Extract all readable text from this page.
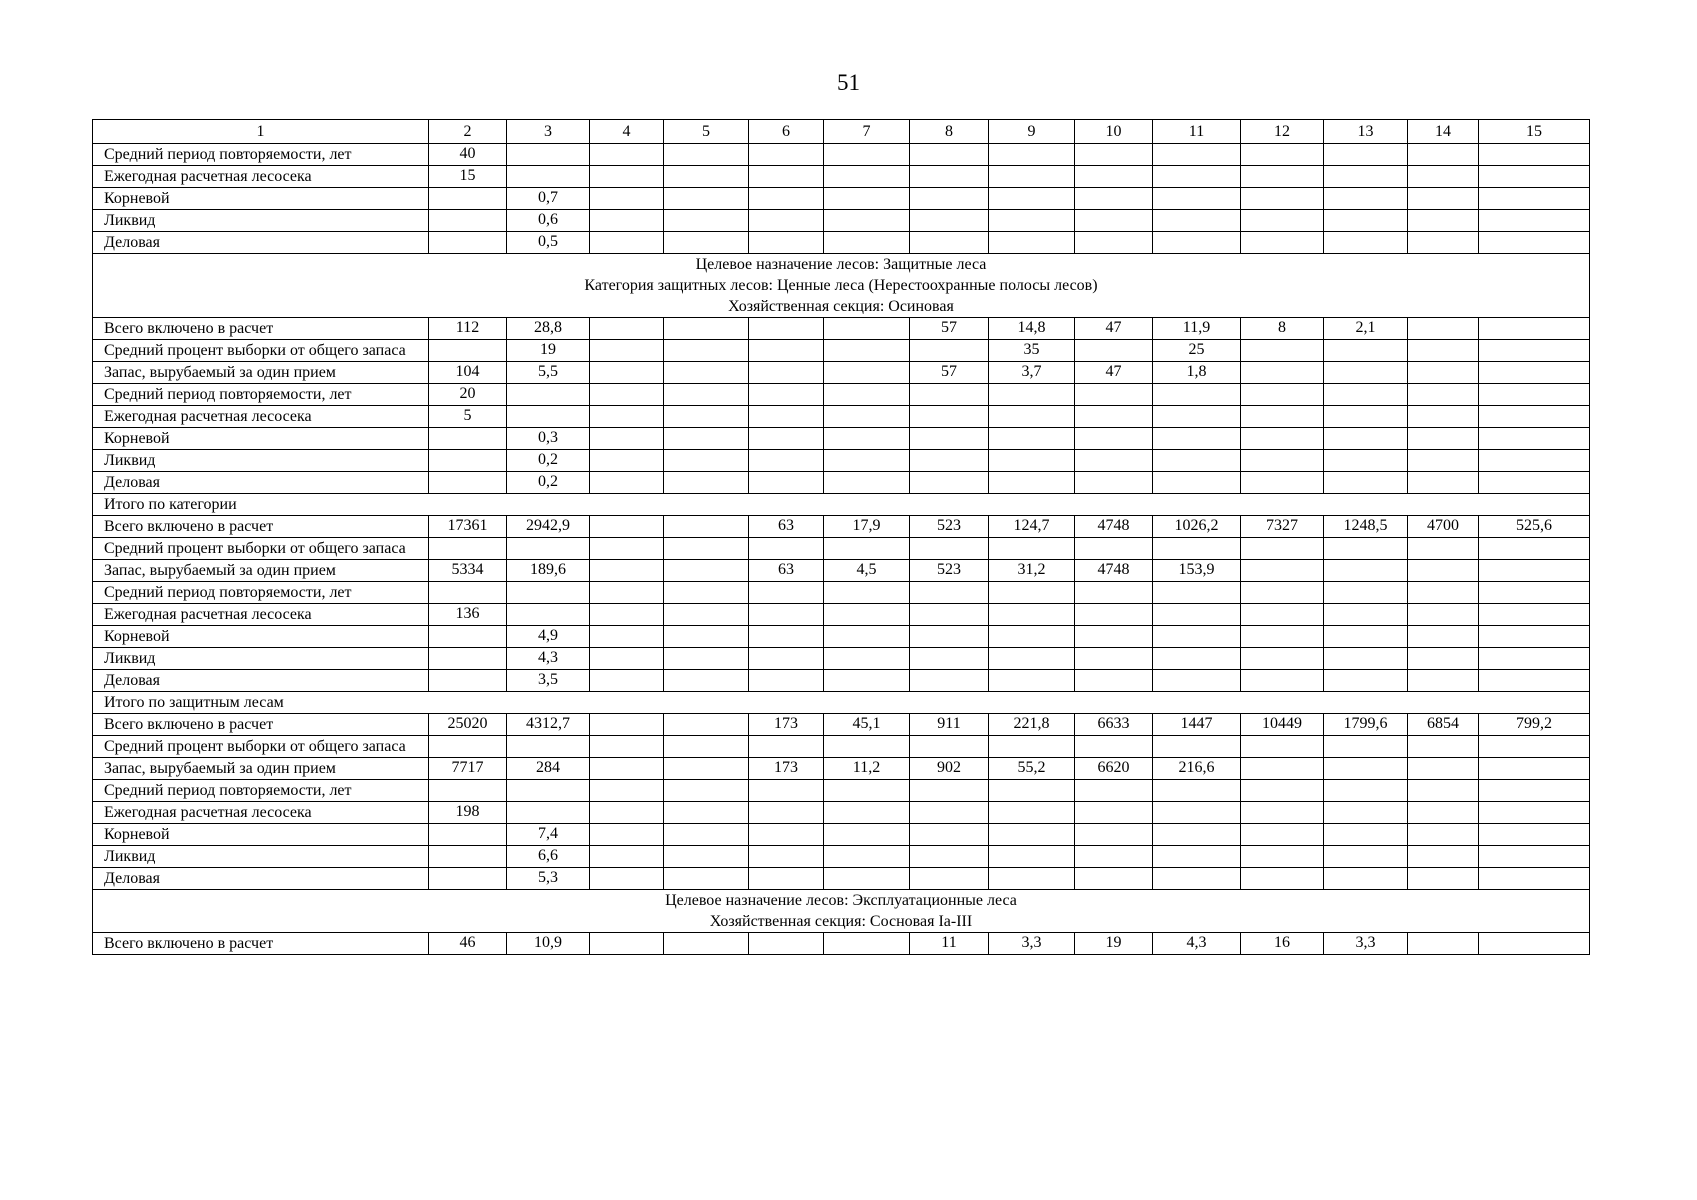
51
1	2	3	4	5	6	7	8	9	10	11	12	13	14	15
Средний период повторяемости, лет	40													
Ежегодная расчетная лесосека	15													
Корневой		0,7												
Ликвид		0,6												
Деловая		0,5												

Целевое назначение лесов: Защитные леса
Категория защитных лесов: Ценные леса (Нерестоохранные полосы лесов)
Хозяйственная секция: Осиновая														

Всего включено в расчет	112	28,8					57	14,8	47	11,9	8	2,1		
Средний процент выборки от общего запаса		19						35		25				
Запас, вырубаемый за один прием	104	5,5					57	3,7	47	1,8				
Средний период повторяемости, лет	20													
Ежегодная расчетная лесосека	5													
Корневой		0,3												
Ликвид		0,2												
Деловая		0,2												
Итого по категории														
Всего включено в расчет	17361	2942,9			63	17,9	523	124,7	4748	1026,2	7327	1248,5	4700	525,6
Средний процент выборки от общего запаса														
Запас, вырубаемый за один прием	5334	189,6			63	4,5	523	31,2	4748	153,9				
Средний период повторяемости, лет														
Ежегодная расчетная лесосека	136													
Корневой		4,9												
Ликвид		4,3												
Деловая		3,5												
Итого по защитным лесам														
Всего включено в расчет	25020	4312,7			173	45,1	911	221,8	6633	1447	10449	1799,6	6854	799,2
Средний процент выборки от общего запаса														
Запас, вырубаемый за один прием	7717	284			173	11,2	902	55,2	6620	216,6				
Средний период повторяемости, лет														
Ежегодная расчетная лесосека	198													
Корневой		7,4												
Ликвид		6,6												
Деловая		5,3												

Целевое назначение лесов: Эксплуатационные леса
Хозяйственная секция: Сосновая Ia-III														

Всего включено в расчет	46	10,9					11	3,3	19	4,3	16	3,3		
